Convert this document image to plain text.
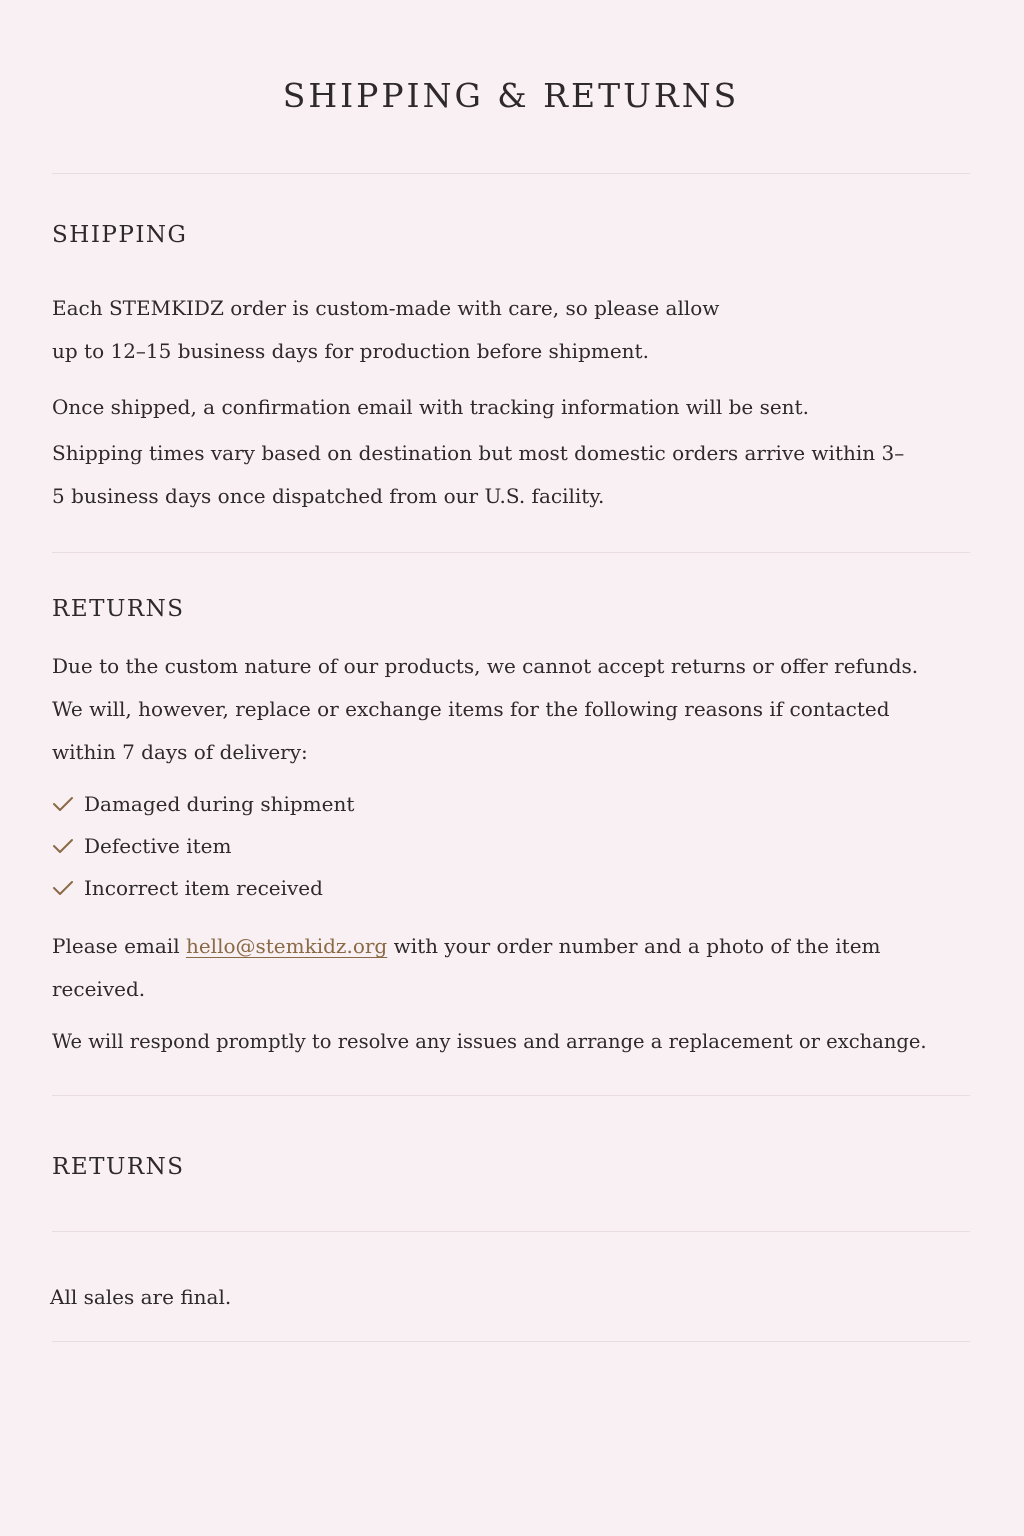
SHIPPING & RETURNS
SHIPPING

Each STEMKIDZ order is custom-made with care, so please allow
up to 12–15 business days for production before shipment.

Once shipped, a confirmation email with tracking information will be sent.

Shipping times vary based on destination but most domestic orders arrive within 3–5 business days once dispatched from our U.S. facility.

RETURNS

Due to the custom nature of our products, we cannot accept returns or offer refunds. We will, however, replace or exchange items for the following reasons if contacted within 7 days of delivery:

Damaged during shipment
Defective item
Incorrect item received

Please email hello@stemkidz.org with your order number and a photo of the item received.

We will respond promptly to resolve any issues and arrange a replacement or exchange.

RETURNS

All sales are final.
